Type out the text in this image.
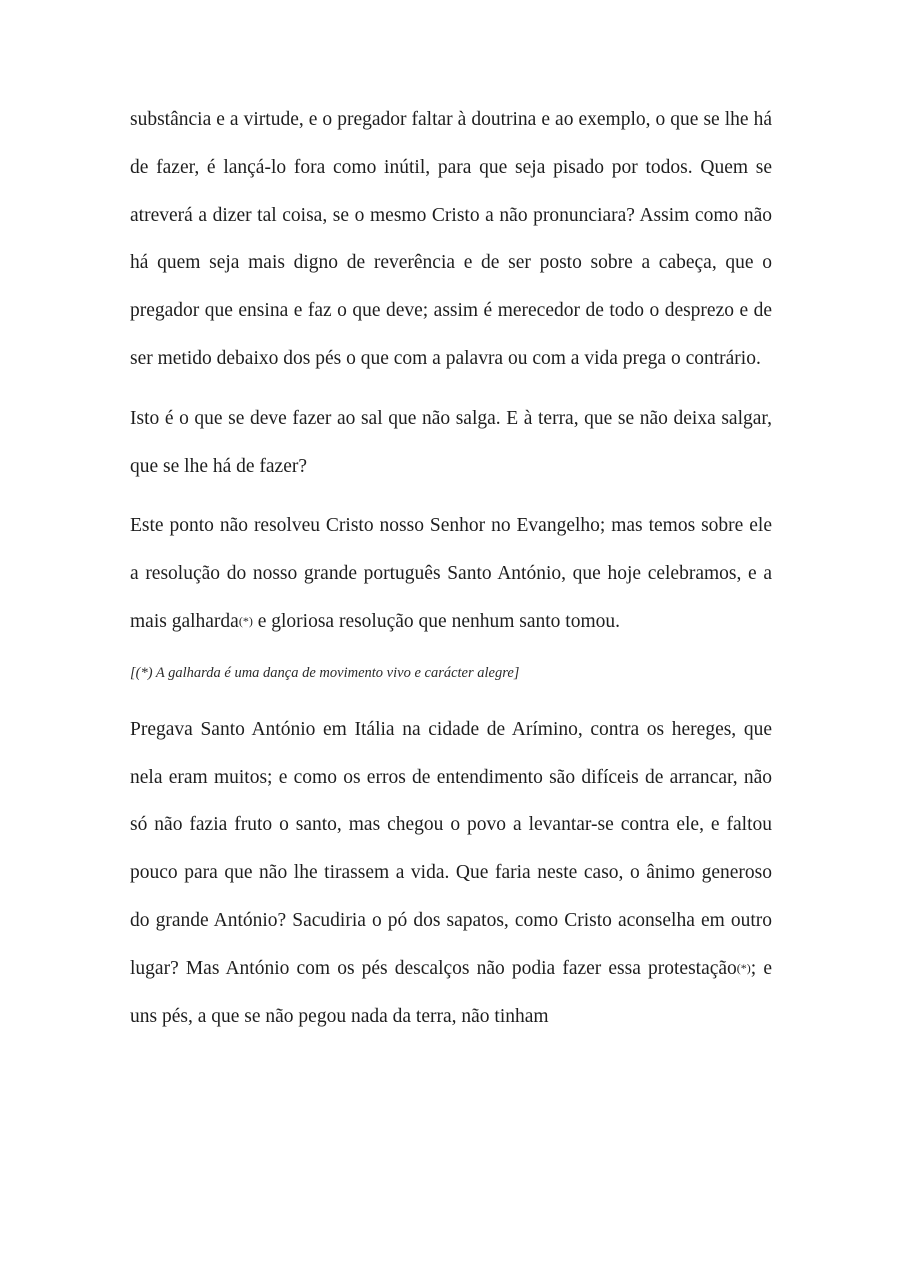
substância e a virtude, e o pregador faltar à doutrina e ao exemplo, o que se lhe há de fazer, é lançá-lo fora como inútil, para que seja pisado por todos. Quem se atreverá a dizer tal coisa, se o mesmo Cristo a não pronunciara? Assim como não há quem seja mais digno de reverência e de ser posto sobre a cabeça, que o pregador que ensina e faz o que deve; assim é merecedor de todo o desprezo e de ser metido debaixo dos pés o que com a palavra ou com a vida prega o contrário.

Isto é o que se deve fazer ao sal que não salga. E à terra, que se não deixa salgar, que se lhe há de fazer?

Este ponto não resolveu Cristo nosso Senhor no Evangelho; mas temos sobre ele a resolução do nosso grande português Santo António, que hoje celebramos, e a mais galharda(*) e gloriosa resolução que nenhum santo tomou.

[(*) A galharda é uma dança de movimento vivo e carácter alegre]

Pregava Santo António em Itália na cidade de Arímino, contra os hereges, que nela eram muitos; e como os erros de entendimento são difíceis de arrancar, não só não fazia fruto o santo, mas chegou o povo a levantar-se contra ele, e faltou pouco para que não lhe tirassem a vida. Que faria neste caso, o ânimo generoso do grande António? Sacudiria o pó dos sapatos, como Cristo aconselha em outro lugar? Mas António com os pés descalços não podia fazer essa protestação(*); e uns pés, a que se não pegou nada da terra, não tinham
